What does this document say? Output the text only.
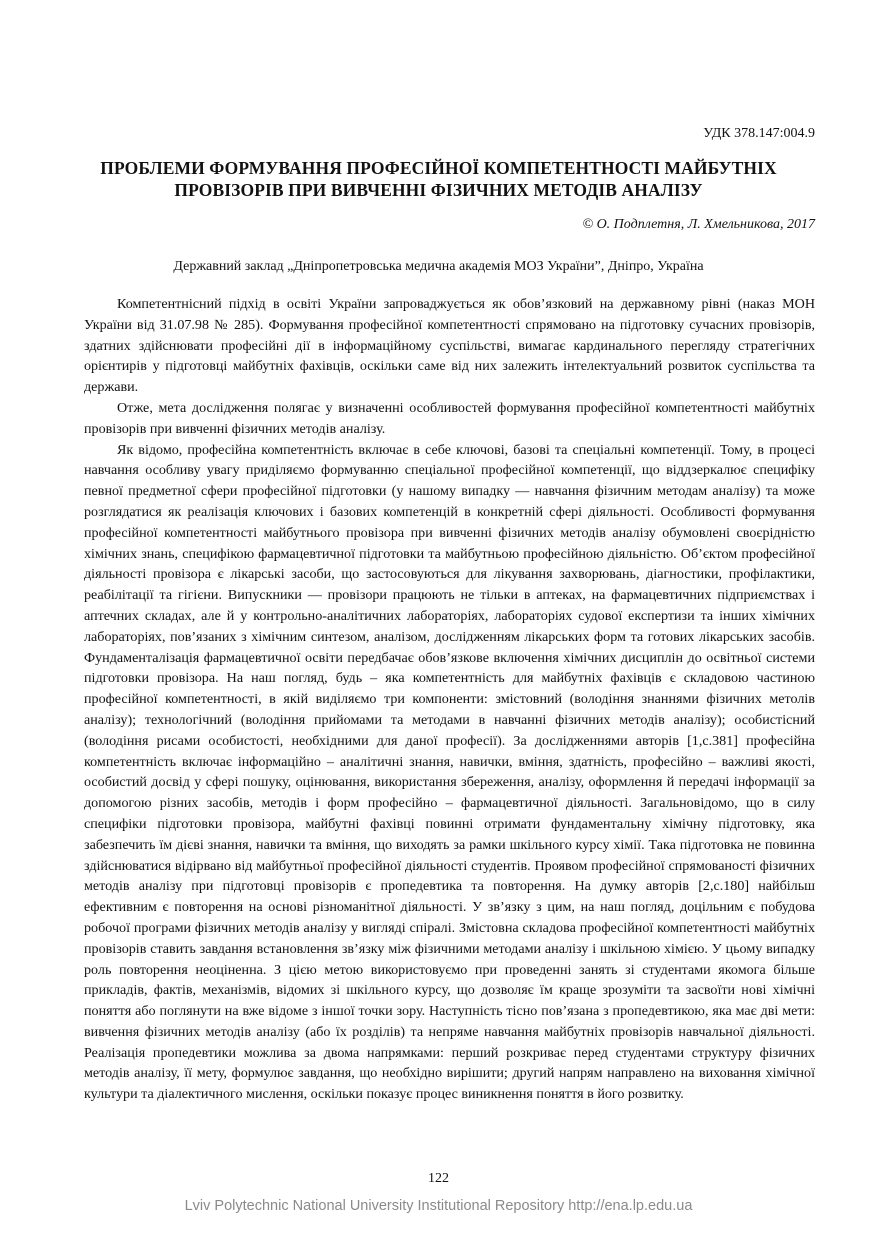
УДК 378.147:004.9
ПРОБЛЕМИ ФОРМУВАННЯ ПРОФЕСІЙНОЇ КОМПЕТЕНТНОСТІ МАЙБУТНІХ
ПРОВІЗОРІВ ПРИ ВИВЧЕННІ ФІЗИЧНИХ МЕТОДІВ АНАЛІЗУ
© О. Подплетня, Л. Хмельникова, 2017
Державний заклад „Дніпропетровська медична академія МОЗ України”, Дніпро, Україна

Компетентнісний підхід в освіті України запроваджується як обов’язковий на державному рівні (наказ МОН України від 31.07.98 № 285). Формування професійної компетентності спрямовано на підготовку сучасних провізорів, здатних здійснювати професійні дії в інформаційному суспільстві, вимагає кардинального перегляду стратегічних орієнтирів у підготовці майбутніх фахівців, оскільки саме від них залежить інтелектуальний розвиток суспільства та держави.

Отже, мета дослідження полягає у визначенні особливостей формування професійної компетентності майбутніх провізорів при вивченні фізичних методів аналізу.

Як відомо, професійна компетентність включає в себе ключові, базові та спеціальні компетенції. Тому, в процесі навчання особливу увагу приділяємо формуванню спеціальної професійної компетенції, що віддзеркалює специфіку певної предметної сфери професійної підготовки (у нашому випадку — навчання фізичним методам аналізу) та може розглядатися як реалізація ключових і базових компетенцій в конкретній сфері діяльності. Особливості формування професійної компетентності майбутнього провізора при вивченні фізичних методів аналізу обумовлені своєрідністю хімічних знань, специфікою фармацевтичної підготовки та майбутньою професійною діяльністю. Об’єктом професійної діяльності провізора є лікарські засоби, що застосовуються для лікування захворювань, діагностики, профілактики, реабілітації та гігієни. Випускники — провізори працюють не тільки в аптеках, на фармацевтичних підприємствах і аптечних складах, але й у контрольно-аналітичних лабораторіях, лабораторіях судової експертизи та інших хімічних лабораторіях, пов’язаних з хімічним синтезом, аналізом, дослідженням лікарських форм та готових лікарських засобів. Фундаменталізація фармацевтичної освіти передбачає обов’язкове включення хімічних дисциплін до освітньої системи підготовки провізора. На наш погляд, будь – яка компетентність для майбутніх фахівців є складовою частиною професійної компетентності, в якій виділяємо три компоненти: змістовний (володіння знаннями фізичних метолів аналізу); технологічний (володіння прийомами та методами в навчанні фізичних методів аналізу); особистісний (володіння рисами особистості, необхідними для даної професії). За дослідженнями авторів [1,с.381] професійна компетентність включає інформаційно – аналітичні знання, навички, вміння, здатність, професійно – важливі якості, особистий досвід у сфері пошуку, оцінювання, використання збереження, аналізу, оформлення й передачі інформації за допомогою різних засобів, методів і форм професійно – фармацевтичної діяльності. Загальновідомо, що в силу специфіки підготовки провізора, майбутні фахівці повинні отримати фундаментальну хімічну підготовку, яка забезпечить їм дієві знання, навички та вміння, що виходять за рамки шкільного курсу хімії. Така підготовка не повинна здійснюватися відірвано від майбутньої професійної діяльності студентів. Проявом професійної спрямованості фізичних методів аналізу при підготовці провізорів є пропедевтика та повторення. На думку авторів [2,с.180] найбільш ефективним є повторення на основі різноманітної діяльності. У зв’язку з цим, на наш погляд, доцільним є побудова робочої програми фізичних методів аналізу у вигляді спіралі. Змістовна складова професійної компетентності майбутніх провізорів ставить завдання встановлення зв’язку між фізичними методами аналізу і шкільною хімією. У цьому випадку роль повторення неоціненна. З цією метою використовуємо при проведенні занять зі студентами якомога більше прикладів, фактів, механізмів, відомих зі шкільного курсу, що дозволяє їм краще зрозуміти та засвоїти нові хімічні поняття або поглянути на вже відоме з іншої точки зору. Наступність тісно пов’язана з пропедевтикою, яка має дві мети: вивчення фізичних методів аналізу (або їх розділів) та непряме навчання майбутніх провізорів навчальної діяльності. Реалізація пропедевтики можлива за двома напрямками: перший розкриває перед студентами структуру фізичних методів аналізу, її мету, формулює завдання, що необхідно вирішити; другий напрям направлено на виховання хімічної культури та діалектичного мислення, оскільки показує процес виникнення поняття в його розвитку.

122
Lviv Polytechnic National University Institutional Repository http://ena.lp.edu.ua
